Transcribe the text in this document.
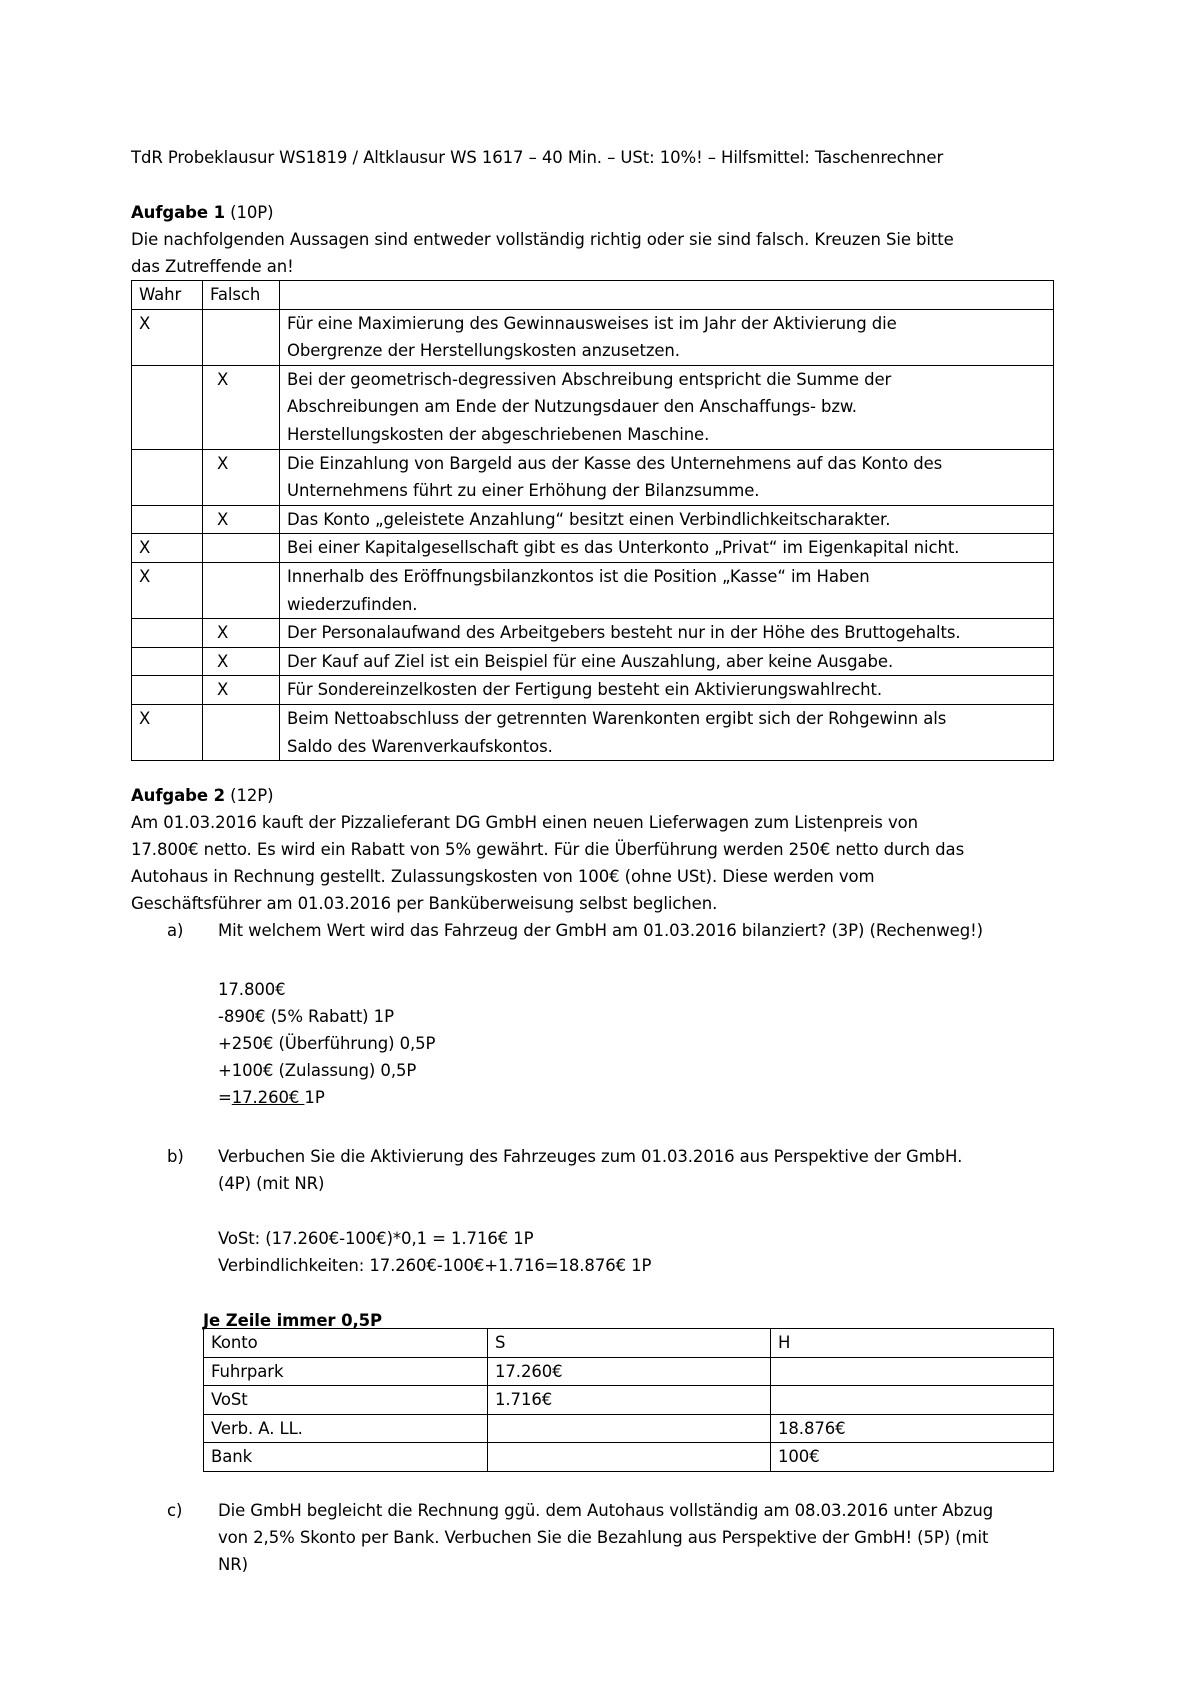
TdR Probeklausur WS1819 / Altklausur WS 1617 – 40 Min. – USt: 10%! – Hilfsmittel: Taschenrechner
Aufgabe 1 (10P)
Die nachfolgenden Aussagen sind entweder vollständig richtig oder sie sind falsch. Kreuzen Sie bitte
das Zutreffende an!
Wahr	Falsch	
X		Für eine Maximierung des Gewinnausweises ist im Jahr der Aktivierung die
Obergrenze der Herstellungskosten anzusetzen.

	X	Bei der geometrisch-degressiven Abschreibung entspricht die Summe der
Abschreibungen am Ende der Nutzungsdauer den Anschaffungs- bzw.
Herstellungskosten der abgeschriebenen Maschine.

	X	Die Einzahlung von Bargeld aus der Kasse des Unternehmens auf das Konto des
Unternehmens führt zu einer Erhöhung der Bilanzsumme.

	X	Das Konto „geleistete Anzahlung“ besitzt einen Verbindlichkeitscharakter.

X		Bei einer Kapitalgesellschaft gibt es das Unterkonto „Privat“ im Eigenkapital nicht.

X		Innerhalb des Eröffnungsbilanzkontos ist die Position „Kasse“ im Haben
wiederzufinden.

	X	Der Personalaufwand des Arbeitgebers besteht nur in der Höhe des Bruttogehalts.

	X	Der Kauf auf Ziel ist ein Beispiel für eine Auszahlung, aber keine Ausgabe.

	X	Für Sondereinzelkosten der Fertigung besteht ein Aktivierungswahlrecht.

X		Beim Nettoabschluss der getrennten Warenkonten ergibt sich der Rohgewinn als
Saldo des Warenverkaufskontos.
Aufgabe 2 (12P)
Am 01.03.2016 kauft der Pizzalieferant DG GmbH einen neuen Lieferwagen zum Listenpreis von
17.800€ netto. Es wird ein Rabatt von 5% gewährt. Für die Überführung werden 250€ netto durch das
Autohaus in Rechnung gestellt. Zulassungskosten von 100€ (ohne USt). Diese werden vom
Geschäftsführer am 01.03.2016 per Banküberweisung selbst beglichen.
a)	Mit welchem Wert wird das Fahrzeug der GmbH am 01.03.2016 bilanziert? (3P) (Rechenweg!)
17.800€
-890€ (5% Rabatt) 1P
+250€ (Überführung) 0,5P
+100€ (Zulassung) 0,5P
=17.260€ 1P
b)	Verbuchen Sie die Aktivierung des Fahrzeuges zum 01.03.2016 aus Perspektive der GmbH.
(4P) (mit NR)
VoSt: (17.260€-100€)*0,1 = 1.716€ 1P
Verbindlichkeiten: 17.260€-100€+1.716=18.876€ 1P
Je Zeile immer 0,5P
Konto	S	H
Fuhrpark	17.260€	
VoSt	1.716€	
Verb. A. LL.		18.876€
Bank		100€
c)	Die GmbH begleicht die Rechnung ggü. dem Autohaus vollständig am 08.03.2016 unter Abzug
von 2,5% Skonto per Bank. Verbuchen Sie die Bezahlung aus Perspektive der GmbH! (5P) (mit
NR)
